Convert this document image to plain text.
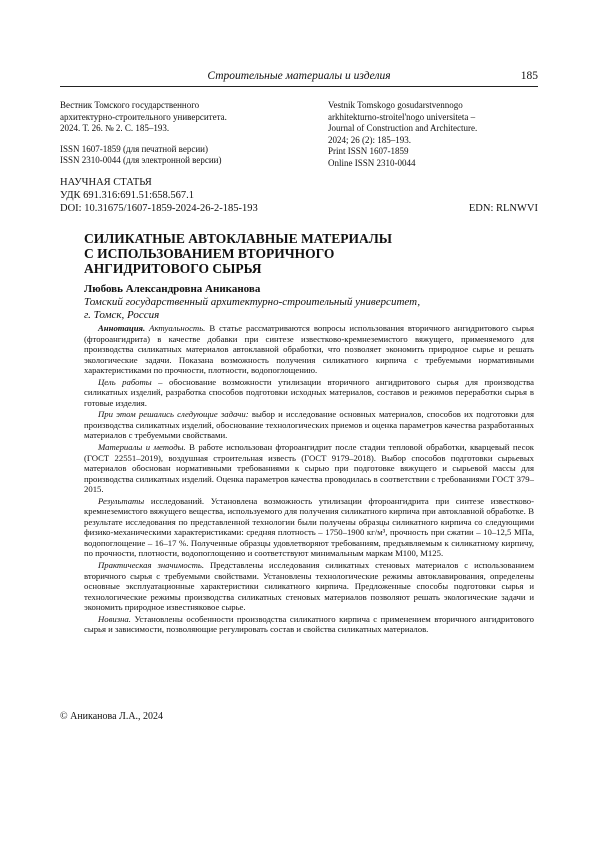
Строительные материалы и изделия	185
Вестник Томского государственного
архитектурно-строительного университета.
2024. Т. 26. № 2. С. 185–193.
ISSN 1607-1859 (для печатной версии)
ISSN 2310-0044 (для электронной версии)
Vestnik Tomskogo gosudarstvennogo
arkhitekturno-stroitel'nogo universiteta –
Journal of Construction and Architecture.
2024; 26 (2): 185–193.
Print ISSN 1607-1859
Online ISSN 2310-0044
НАУЧНАЯ СТАТЬЯ
УДК 691.316:691.51:658.567.1
DOI: 10.31675/1607-1859-2024-26-2-185-193	EDN: RLNWVI
СИЛИКАТНЫЕ АВТОКЛАВНЫЕ МАТЕРИАЛЫ
С ИСПОЛЬЗОВАНИЕМ ВТОРИЧНОГО
АНГИДРИТОВОГО СЫРЬЯ
Любовь Александровна Аниканова
Томский государственный архитектурно-строительный университет,
г. Томск, Россия

Аннотация. Актуальность. В статье рассматриваются вопросы использования вторичного ангидритового сырья (фтороангидрита) в качестве добавки при синтезе известково-кремнеземистого вяжущего, применяемого для производства силикатных материалов автоклавной обработки, что позволяет экономить природное сырье и решать экологические задачи. Показана возможность получения силикатного кирпича с требуемыми нормативными характеристиками по прочности, плотности, водопоглощению.

Цель работы – обоснование возможности утилизации вторичного ангидритового сырья для производства силикатных изделий, разработка способов подготовки исходных материалов, составов и режимов переработки сырья в готовые изделия.

При этом решались следующие задачи: выбор и исследование основных материалов, способов их подготовки для производства силикатных изделий, обоснование технологических приемов и оценка параметров качества разработанных материалов с требуемыми свойствами.

Материалы и методы. В работе использован фтороангидрит после стадии тепловой обработки, кварцевый песок (ГОСТ 22551–2019), воздушная строительная известь (ГОСТ 9179–2018). Выбор способов подготовки сырьевых материалов обоснован нормативными требованиями к сырью при подготовке вяжущего и сырьевой массы для производства силикатных изделий. Оценка параметров качества проводилась в соответствии с требованиями ГОСТ 379–2015.

Результаты исследований. Установлена возможность утилизации фтороангидрита при синтезе известково-кремнеземистого вяжущего вещества, используемого для получения силикатного кирпича при автоклавной обработке. В результате исследования по представленной технологии были получены образцы силикатного кирпича со следующими физико-механическими характеристиками: средняя плотность – 1750–1900 кг/м³, прочность при сжатии – 10–12,5 МПа, водопоглощение – 16–17 %. Полученные образцы удовлетворяют требованиям, предъявляемым к силикатному кирпичу, по прочности, плотности, водопоглощению и соответствуют минимальным маркам М100, М125.

Практическая значимость. Представлены исследования силикатных стеновых материалов с использованием вторичного сырья с требуемыми свойствами. Установлены технологические режимы автоклавирования, определены основные эксплуатационные характеристики силикатного кирпича. Предложенные способы подготовки сырья и технологические режимы производства силикатных стеновых материалов позволяют решать экологические задачи и экономить природное известняковое сырье.

Новизна. Установлены особенности производства силикатного кирпича с применением вторичного ангидритового сырья и зависимости, позволяющие регулировать состав и свойства силикатных материалов.

© Аниканова Л.А., 2024
